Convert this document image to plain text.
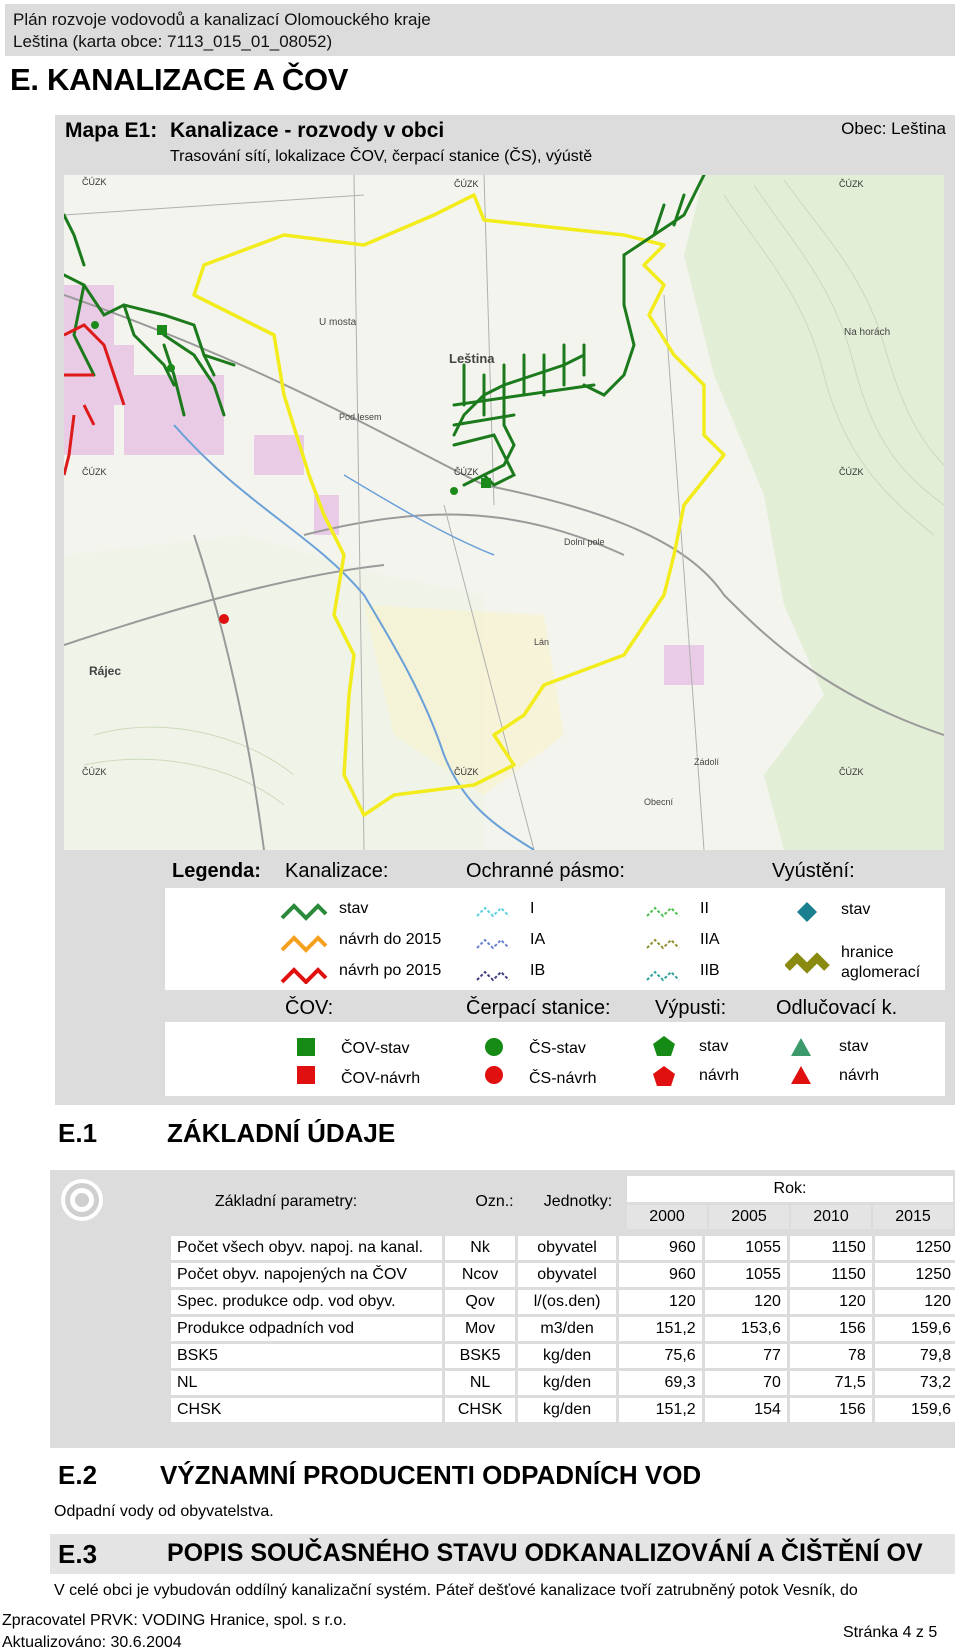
Plán rozvoje vodovodů a kanalizací Olomouckého kraje
Leština (karta obce: 7113_015_01_08052)
E. KANALIZACE A ČOV
Mapa E1: Kanalizace - rozvody v obci
Trasování sítí, lokalizace ČOV, čerpací stanice (ČS), výústě
Obec: Leština
ČÚZK	ČÚZK	ČÚZK
ČÚZK	ČÚZK	ČÚZK
ČÚZK	ČÚZK	ČÚZK
Leština
Rájec
U mosta
Na horách
Obecní
Zádolí
Lán
Dolní pole
Pod lesem
Legenda: Kanalizace:	Ochranné pásmo:	Vyústění:
stav
návrh do 2015
návrh po 2015
I
IA
IB
II
IIA
IIB
stav
hranice
aglomerací
ČOV:	Čerpací stanice: Výpusti: Odlučovací k.
ČOV-stav
ČOV-návrh
ČS-stav
ČS-návrh
stav
návrh
stav
návrh
E.1	ZÁKLADNÍ ÚDAJE
Základní parametry:	Ozn.:	Jednotky:
Rok:
2000	2005	2010	2015
Počet všech obyv. napoj. na kanal.	Nk	obyvatel	960	1055	1150	1250
Počet obyv. napojených na ČOV	Ncov	obyvatel	960	1055	1150	1250
Spec. produkce odp. vod obyv.	Qov	l/(os.den)	120	120	120	120
Produkce odpadních vod	Mov	m3/den	151,2	153,6	156	159,6
BSK5	BSK5	kg/den	75,6	77	78	79,8
NL	NL	kg/den	69,3	70	71,5	73,2
CHSK	CHSK	kg/den	151,2	154	156	159,6
E.2 VÝZNAMNÍ PRODUCENTI ODPADNÍCH VOD
Odpadní vody od obyvatelstva.
E.3	POPIS SOUČASNÉHO STAVU ODKANALIZOVÁNÍ A ČIŠTĚNÍ OV
V celé obci je vybudován oddílný kanalizační systém. Páteř dešťové kanalizace tvoří zatrubněný potok Vesník, do
Zpracovatel PRVK: VODING Hranice, spol. s r.o.
Aktualizováno: 30.6.2004
Stránka 4 z 5
